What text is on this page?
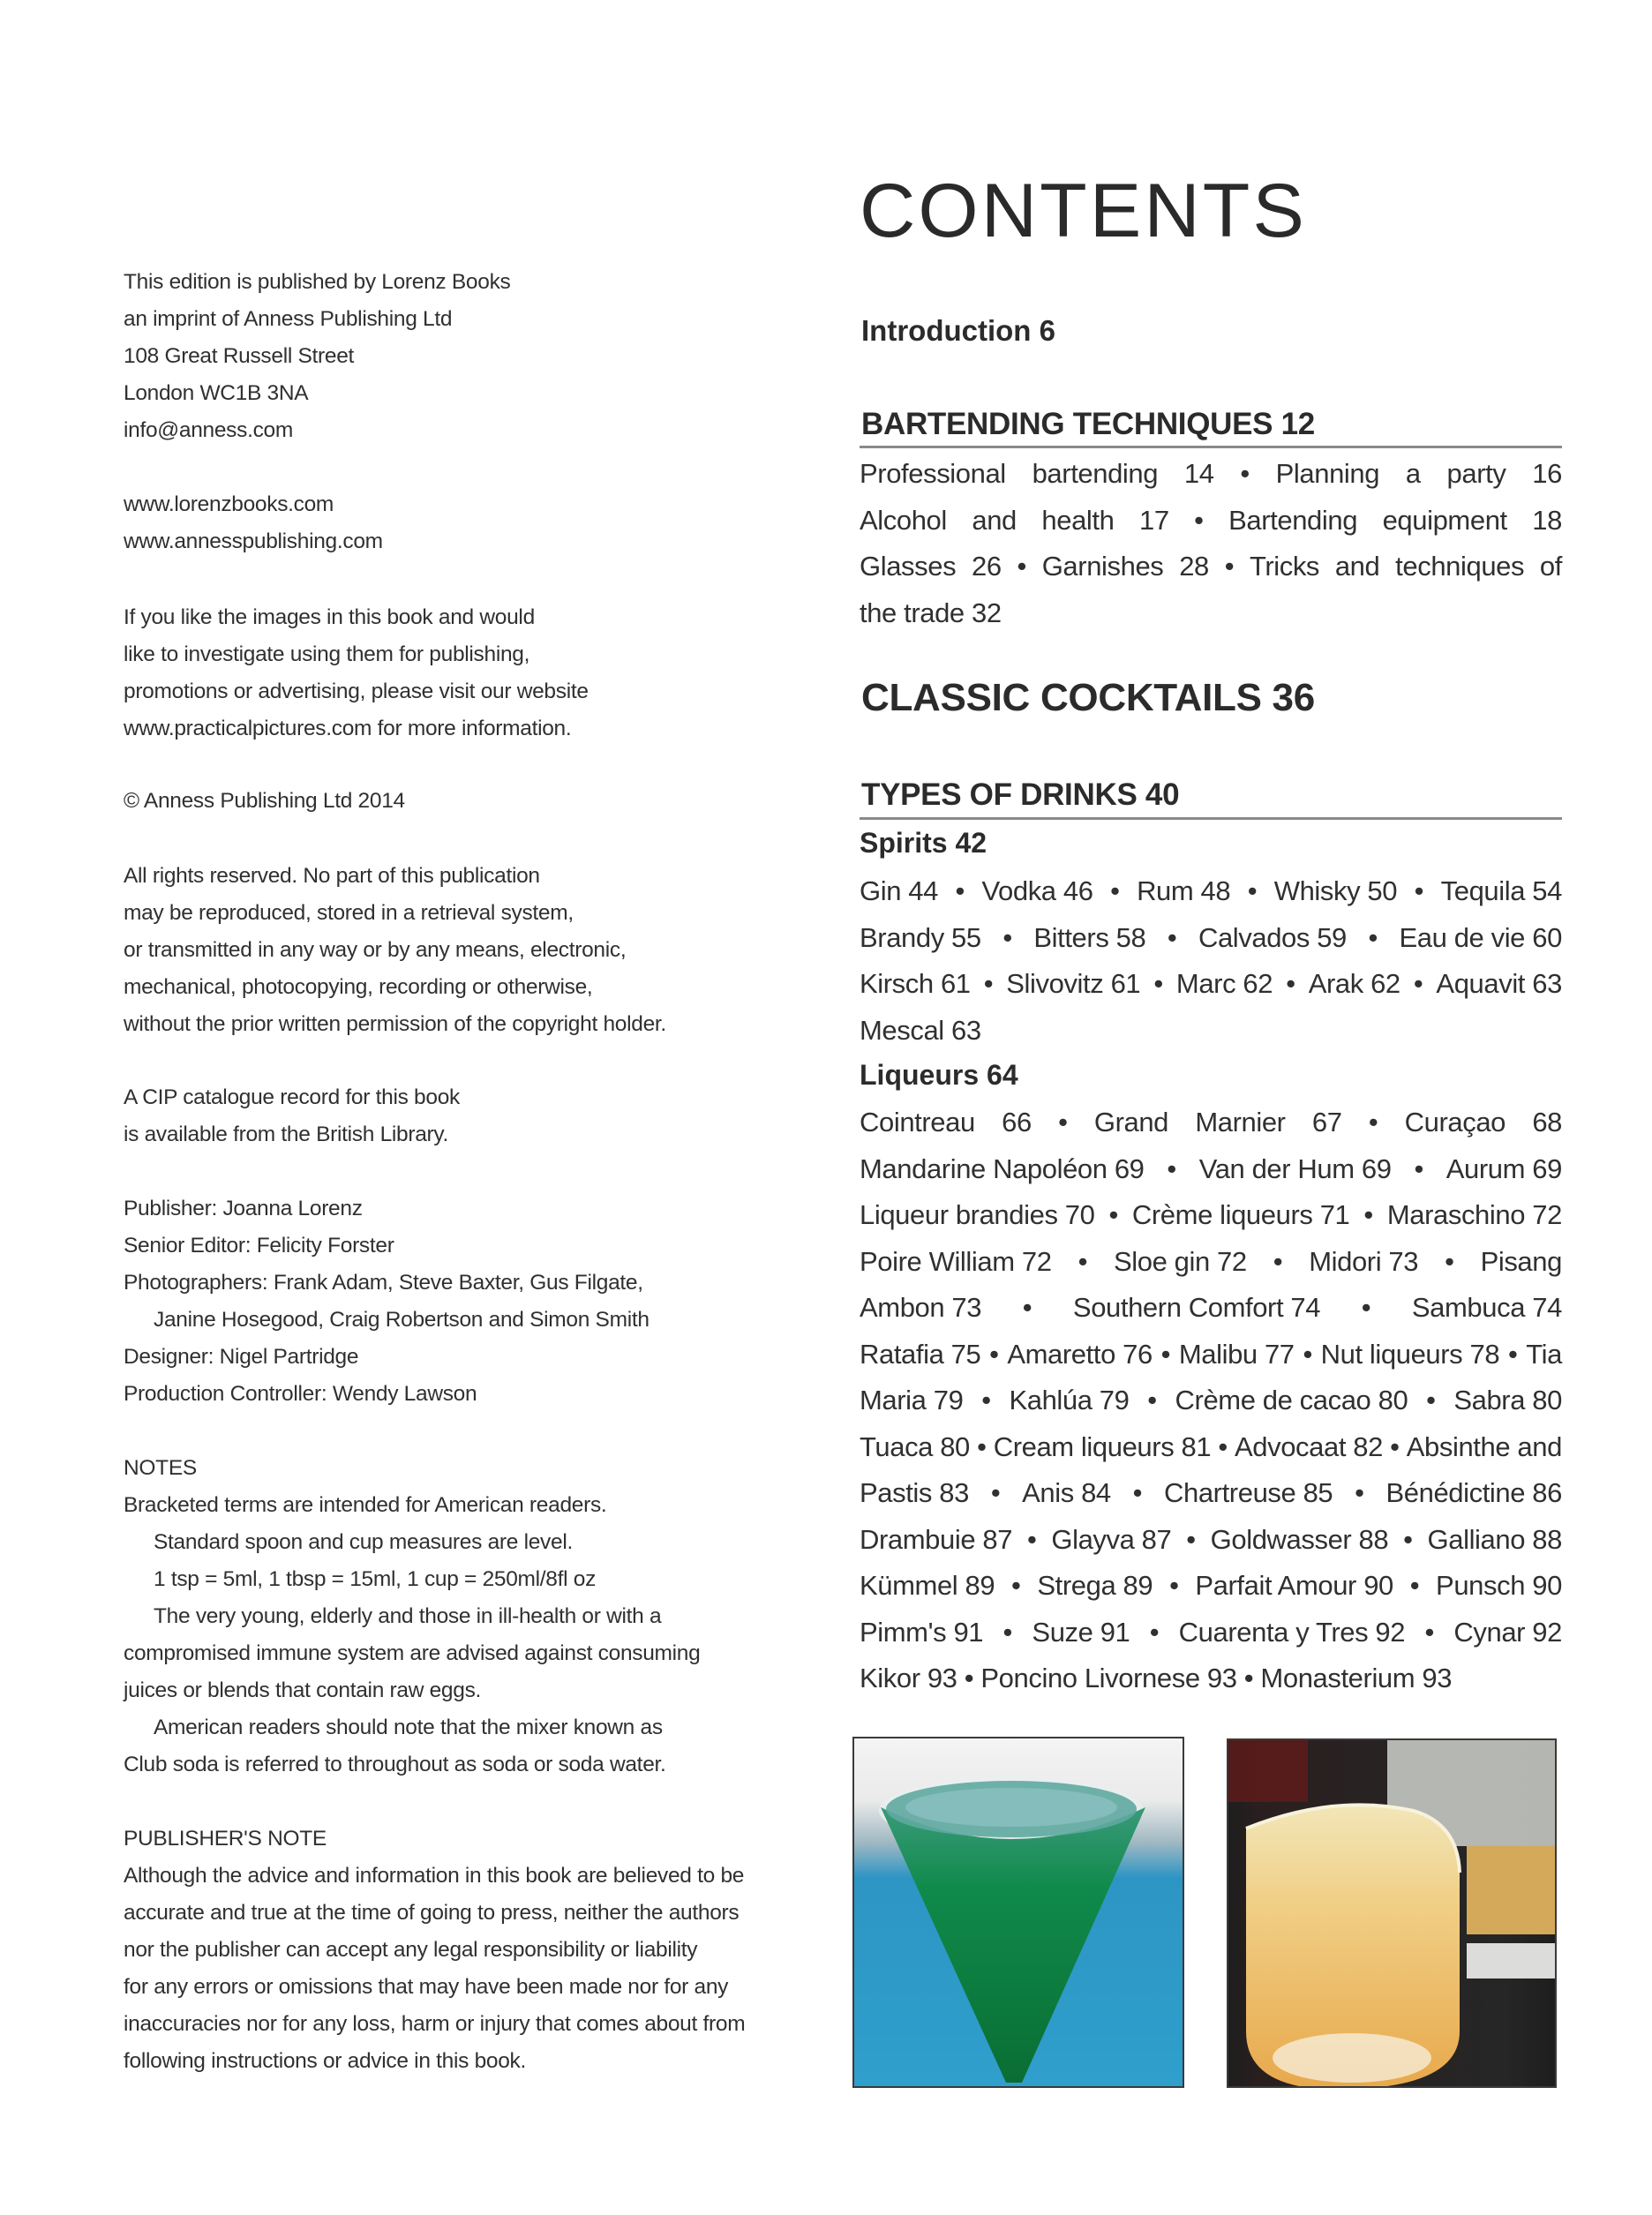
This edition is published by Lorenz Books

an imprint of Anness Publishing Ltd

108 Great Russell Street

London WC1B 3NA

info@anness.com

www.lorenzbooks.com

www.annesspublishing.com

If you like the images in this book and would

like to investigate using them for publishing,

promotions or advertising, please visit our website

www.practicalpictures.com for more information.

© Anness Publishing Ltd 2014

All rights reserved. No part of this publication

may be reproduced, stored in a retrieval system,

or transmitted in any way or by any means, electronic,

mechanical, photocopying, recording or otherwise,

without the prior written permission of the copyright holder.

A CIP catalogue record for this book

is available from the British Library.

Publisher: Joanna Lorenz

Senior Editor: Felicity Forster

Photographers: Frank Adam, Steve Baxter, Gus Filgate,

Janine Hosegood, Craig Robertson and Simon Smith

Designer: Nigel Partridge

Production Controller: Wendy Lawson

NOTES

Bracketed terms are intended for American readers.

Standard spoon and cup measures are level.

1 tsp = 5ml, 1 tbsp = 15ml, 1 cup = 250ml/8fl oz

The very young, elderly and those in ill-health or with a

compromised immune system are advised against consuming

juices or blends that contain raw eggs.

American readers should note that the mixer known as

Club soda is referred to throughout as soda or soda water.

PUBLISHER'S NOTE

Although the advice and information in this book are believed to be

accurate and true at the time of going to press, neither the authors

nor the publisher can accept any legal responsibility or liability

for any errors or omissions that may have been made nor for any

inaccuracies nor for any loss, harm or injury that comes about from

following instructions or advice in this book.

CONTENTS
Introduction 6
BARTENDING TECHNIQUES 12
Professional bartending 14 • Planning a party 16
Alcohol and health 17 • Bartending equipment 18
Glasses 26 • Garnishes 28 • Tricks and techniques of
the trade 32
CLASSIC COCKTAILS 36
TYPES OF DRINKS 40
Spirits 42
Gin 44 • Vodka 46 • Rum 48 • Whisky 50 • Tequila 54
Brandy 55 • Bitters 58 • Calvados 59 • Eau de vie 60
Kirsch 61 • Slivovitz 61 • Marc 62 • Arak 62 • Aquavit 63
Mescal 63
Liqueurs 64
Cointreau 66 • Grand Marnier 67 • Curaçao 68
Mandarine Napoléon 69 • Van der Hum 69 • Aurum 69
Liqueur brandies 70 • Crème liqueurs 71 • Maraschino 72
Poire William 72 • Sloe gin 72 • Midori 73 • Pisang
Ambon 73 • Southern Comfort 74 • Sambuca 74
Ratafia 75 • Amaretto 76 • Malibu 77 • Nut liqueurs 78 • Tia
Maria 79 • Kahlúa 79 • Crème de cacao 80 • Sabra 80
Tuaca 80 • Cream liqueurs 81 • Advocaat 82 • Absinthe and
Pastis 83 • Anis 84 • Chartreuse 85 • Bénédictine 86
Drambuie 87 • Glayva 87 • Goldwasser 88 • Galliano 88
Kümmel 89 • Strega 89 • Parfait Amour 90 • Punsch 90
Pimm's 91 • Suze 91 • Cuarenta y Tres 92 • Cynar 92
Kikor 93 • Poncino Livornese 93 • Monasterium 93
